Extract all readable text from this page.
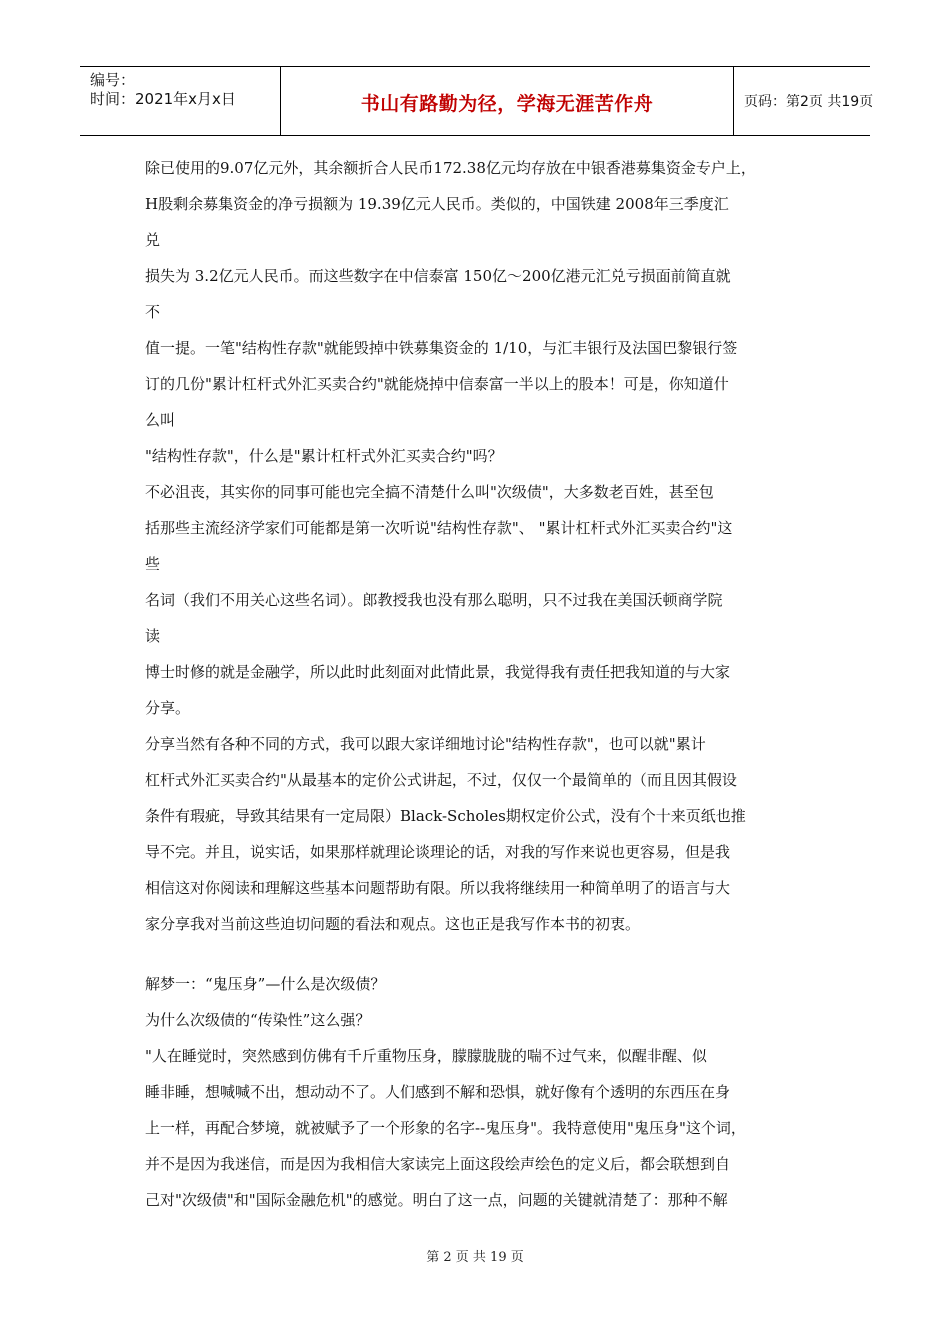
编号：
时间：2021年x月x日	书山有路勤为径，学海无涯苦作舟	页码：第2页 共19页

除已使用的9.07亿元外，其余额折合人民币172.38亿元均存放在中银香港募集资金专户上，

H股剩余募集资金的净亏损额为 19.39亿元人民币。类似的，中国铁建 2008年三季度汇

兑

损失为 3.2亿元人民币。而这些数字在中信泰富 150亿～200亿港元汇兑亏损面前简直就

不

值一提。一笔"结构性存款"就能毁掉中铁募集资金的 1/10，与汇丰银行及法国巴黎银行签

订的几份"累计杠杆式外汇买卖合约"就能烧掉中信泰富一半以上的股本！可是，你知道什

么叫

"结构性存款"，什么是"累计杠杆式外汇买卖合约"吗？

不必沮丧，其实你的同事可能也完全搞不清楚什么叫"次级债"，大多数老百姓，甚至包

括那些主流经济学家们可能都是第一次听说"结构性存款"、 "累计杠杆式外汇买卖合约"这

些

名词（我们不用关心这些名词）。郎教授我也没有那么聪明，只不过我在美国沃顿商学院

读

博士时修的就是金融学，所以此时此刻面对此情此景，我觉得我有责任把我知道的与大家

分享。

分享当然有各种不同的方式，我可以跟大家详细地讨论"结构性存款"，也可以就"累计

杠杆式外汇买卖合约"从最基本的定价公式讲起，不过，仅仅一个最简单的（而且因其假设

条件有瑕疵，导致其结果有一定局限）Black-Scholes期权定价公式，没有个十来页纸也推

导不完。并且，说实话，如果那样就理论谈理论的话，对我的写作来说也更容易，但是我

相信这对你阅读和理解这些基本问题帮助有限。所以我将继续用一种简单明了的语言与大

家分享我对当前这些迫切问题的看法和观点。这也正是我写作本书的初衷。

解梦一：“鬼压身”—什么是次级债？

为什么次级债的“传染性”这么强？

"人在睡觉时，突然感到仿佛有千斤重物压身，朦朦胧胧的喘不过气来，似醒非醒、似

睡非睡，想喊喊不出，想动动不了。人们感到不解和恐惧，就好像有个透明的东西压在身

上一样，再配合梦境，就被赋予了一个形象的名字--鬼压身"。我特意使用"鬼压身"这个词，

并不是因为我迷信，而是因为我相信大家读完上面这段绘声绘色的定义后，都会联想到自

己对"次级债"和"国际金融危机"的感觉。明白了这一点，问题的关键就清楚了：那种不解

第 2 页 共 19 页
